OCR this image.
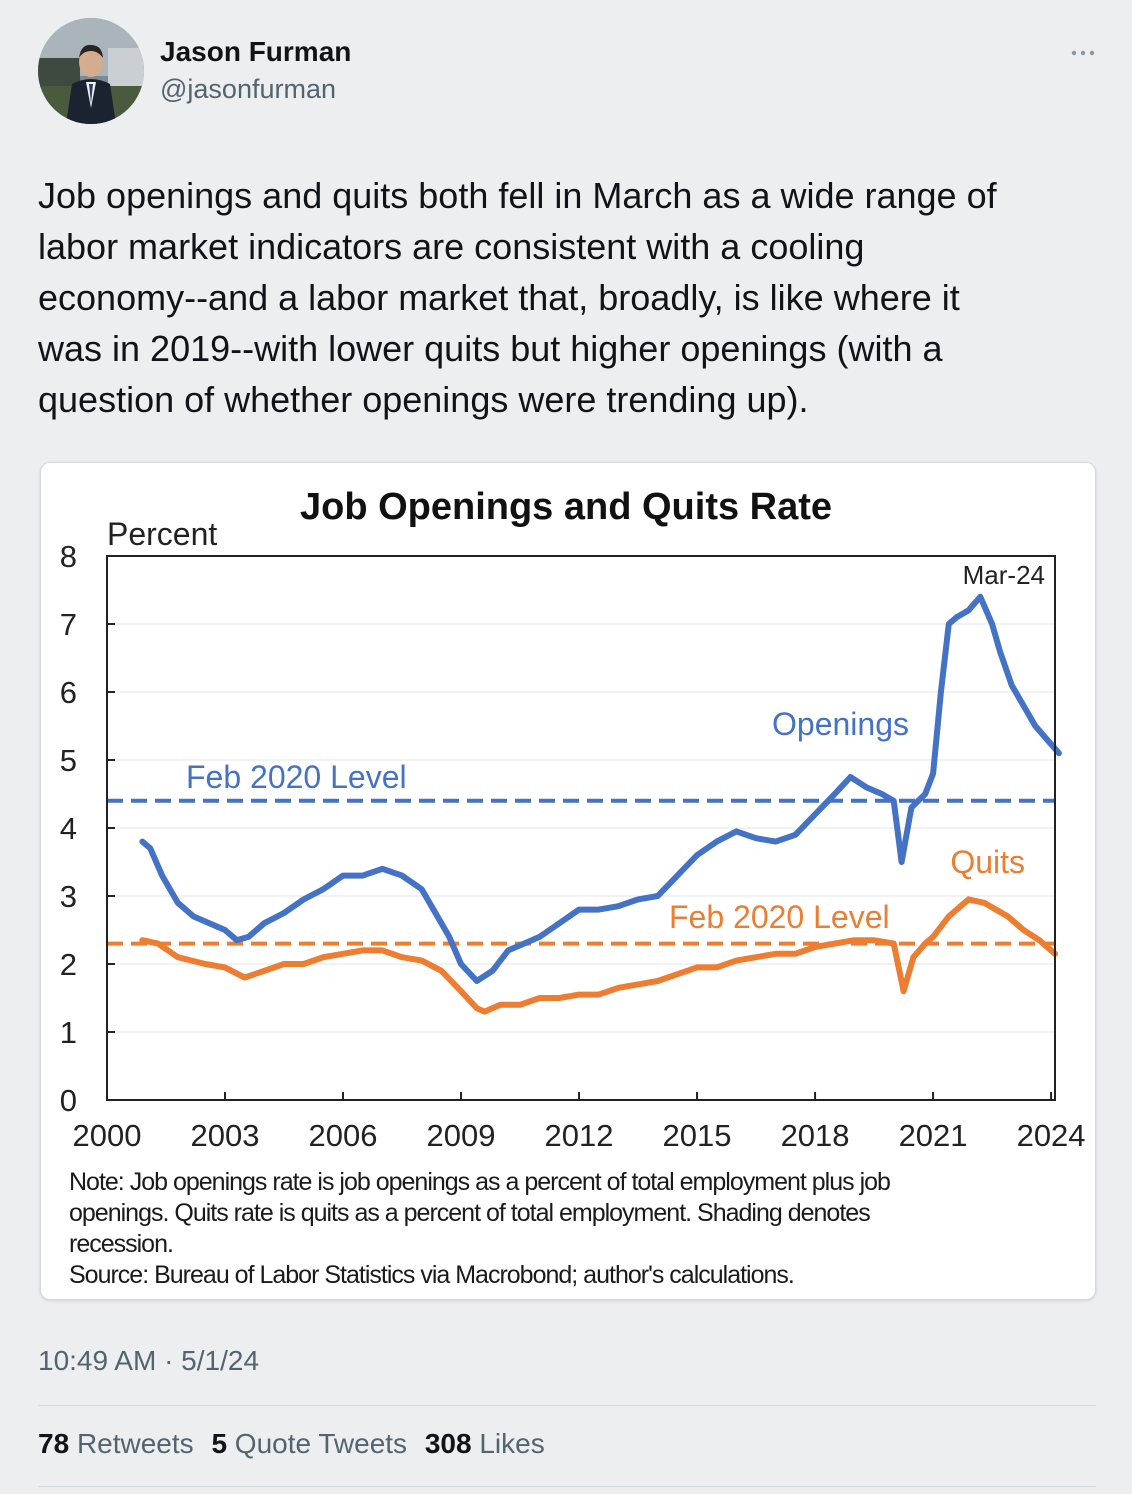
Jason Furman
@jasonfurman
Job openings and quits both fell in March as a wide range of
labor market indicators are consistent with a cooling
economy--and a labor market that, broadly, is like where it
was in 2019--with lower quits but higher openings (with a
question of whether openings were trending up).
Job Openings and Quits Rate
Percent
0
1
2
3
4
5
6
7
8
2000 2003 2006 2009 2012 2015 2018 2021 2024
Mar-24
Openings
Quits
Feb 2020 Level
Feb 2020 Level
Note: Job openings rate is job openings as a percent of total employment plus job
openings. Quits rate is quits as a percent of total employment. Shading denotes
recession.
Source: Bureau of Labor Statistics via Macrobond; author's calculations.
10:49 AM · 5/1/24
78 Retweets 5 Quote Tweets 308 Likes
